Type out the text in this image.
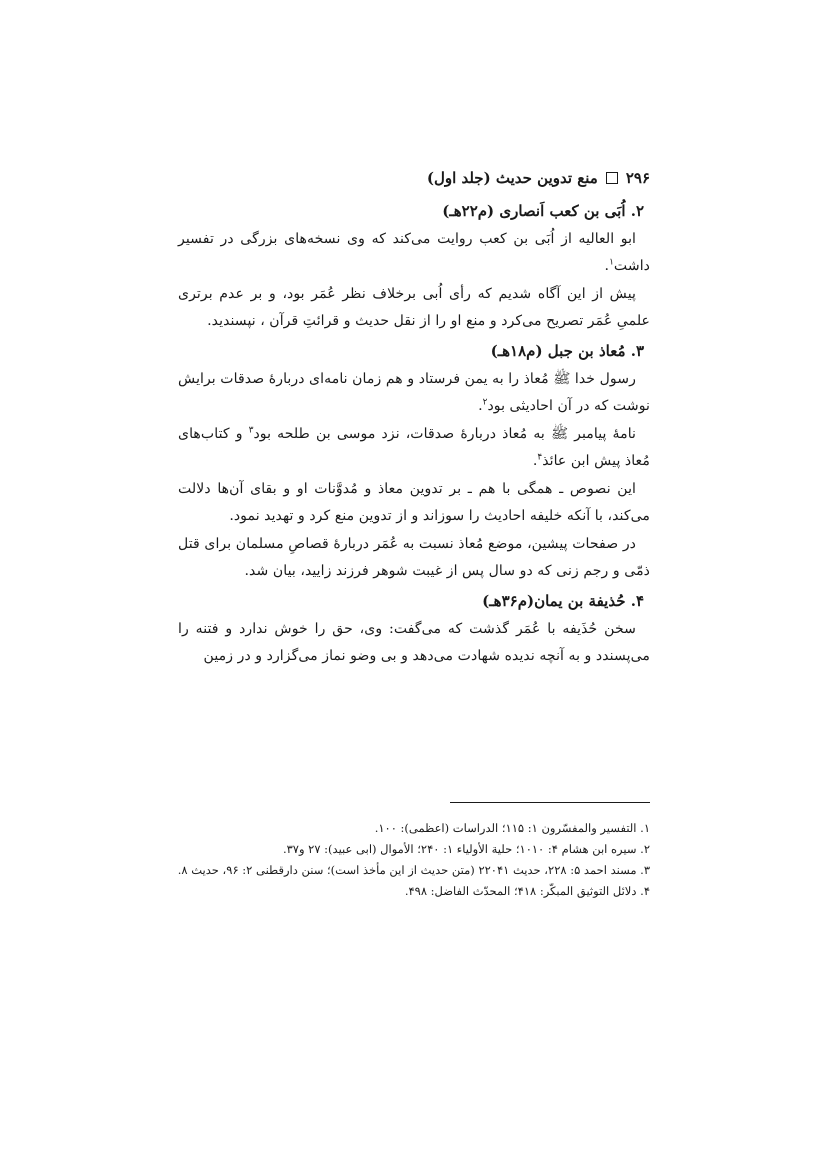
۲۹۶
منع تدوین حدیث (جلد اول)
۲. اُبَی بن کعب اَنصاری (م۲۲هـ)

ابو العالیه از اُبَی بن کعب روایت می‌کند که وی نسخه‌های بزرگی در تفسیر داشت$^۱$.

پیش از این آگاه شدیم که رأی اُبی برخلاف نظر عُمَر بود، و بر عدم برتری علمیِ عُمَر تصریح می‌کرد و منع او را از نقل حدیث و قرائتِ قرآن ، نپسندید.

۳. مُعاذ بن جبل (م۱۸هـ)

رسول خدا ﷺ مُعاذ را به یمن فرستاد و هم زمان نامه‌ای دربارهٔ صدقات برایش نوشت که در آن احادیثی بود$^۲$.

نامهٔ پیامبر ﷺ به مُعاذ دربارهٔ صدقات، نزد موسی بن طلحه بود$^۳$ و کتاب‌های مُعاذ پیش ابن عائذ$^۴$.

این نصوص ـ همگی با هم ـ بر تدوین معاذ و مُدوَّنات او و بقای آن‌ها دلالت می‌کند، با آنکه خلیفه احادیث را سوزاند و از تدوین منع کرد و تهدید نمود.

در صفحات پیشین، موضع مُعاذ نسبت به عُمَر دربارهٔ قصاصِ مسلمان برای قتل ذمّی و رجم زنی که دو سال پس از غیبت شوهر فرزند زایید، بیان شد.

۴. حُذیفة بن یمان(م۳۶هـ)

سخن حُذَیفه با عُمَر گذشت که می‌گفت: وی، حق را خوش ندارد و فتنه را می‌پسندد و به آنچه ندیده شهادت می‌دهد و بی وضو نماز می‌گزارد و در زمین

۱. التفسیر والمفسّرون ۱: ۱۱۵؛ الدراسات (اعظمی): ۱۰۰.

۲. سیره ابن هشام ۴: ۱۰۱۰؛ حلیة الأولیاء ۱: ۲۴۰؛ الأموال (ابی عبید): ۲۷ و۳۷.

۳. مسند احمد ۵: ۲۲۸، حدیث ۲۲۰۴۱ (متن حدیث از این مأخذ است)؛ سنن دارقطنی ۲: ۹۶، حدیث ۸.

۴. دلائل التوثیق المبکّر: ۴۱۸؛ المحدّث الفاضل: ۴۹۸.
